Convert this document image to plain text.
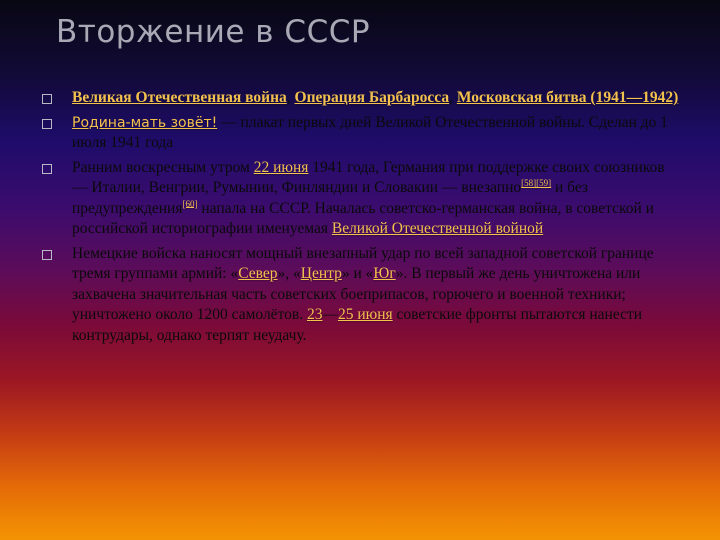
Вторжение в СССР
Великая Отечественная война, Операция Барбаросса, Московская битва (1941—1942)
Родина-мать зовёт! — плакат первых дней Великой Отечественной войны. Сделан до 1 июля 1941 года
Ранним воскресным утром 22 июня 1941 года, Германия при поддержке своих союзников — Италии, Венгрии, Румынии, Финляндии и Словакии — внезапно[58][59] и без предупреждения[60] напала на СССР. Началась советско-германская война, в советской и российской историографии именуемая Великой Отечественной войной
Немецкие войска наносят мощный внезапный удар по всей западной советской границе тремя группами армий: «Север», «Центр» и «Юг». В первый же день уничтожена или захвачена значительная часть советских боеприпасов, горючего и военной техники; уничтожено около 1200 самолётов. 23—25 июня советские фронты пытаются нанести контрудары, однако терпят неудачу.
